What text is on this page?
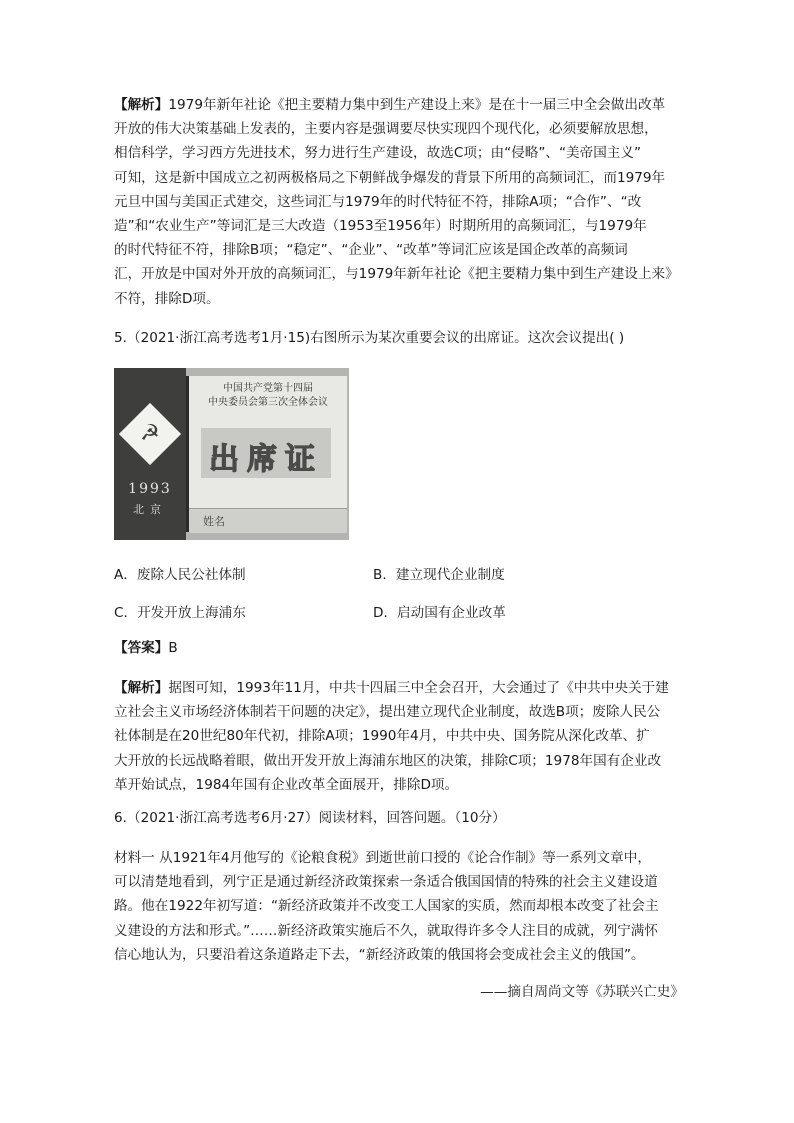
【解析】1979年新年社论《把主要精力集中到生产建设上来》是在十一届三中全会做出改革
开放的伟大决策基础上发表的，主要内容是强调要尽快实现四个现代化，必须要解放思想，
相信科学，学习西方先进技术，努力进行生产建设，故选C项；由“侵略”、“美帝国主义”
可知，这是新中国成立之初两极格局之下朝鲜战争爆发的背景下所用的高频词汇，而1979年
元旦中国与美国正式建交，这些词汇与1979年的时代特征不符，排除A项；“合作”、“改
造”和“农业生产”等词汇是三大改造（1953至1956年）时期所用的高频词汇，与1979年
的时代特征不符，排除B项；“稳定”、“企业”、“改革”等词汇应该是国企改革的高频词
汇，开放是中国对外开放的高频词汇，与1979年新年社论《把主要精力集中到生产建设上来》
不符，排除D项。
5.（2021·浙江高考选考1月·15)右图所示为某次重要会议的出席证。这次会议提出( )
☭
1993
北京
中国共产党第十四届
中央委员会第三次全体会议
出席证
姓名
A．废除人民公社体制	B．建立现代企业制度
C．开发开放上海浦东	D．启动国有企业改革
【答案】B
【解析】据图可知，1993年11月，中共十四届三中全会召开，大会通过了《中共中央关于建
立社会主义市场经济体制若干问题的决定》，提出建立现代企业制度，故选B项；废除人民公
社体制是在20世纪80年代初，排除A项；1990年4月，中共中央、国务院从深化改革、扩
大开放的长远战略着眼，做出开发开放上海浦东地区的决策，排除C项；1978年国有企业改
革开始试点，1984年国有企业改革全面展开，排除D项。
6.（2021·浙江高考选考6月·27）阅读材料，回答问题。（10分）
材料一 从1921年4月他写的《论粮食税》到逝世前口授的《论合作制》等一系列文章中，
可以清楚地看到，列宁正是通过新经济政策探索一条适合俄国国情的特殊的社会主义建设道
路。他在1922年初写道：“新经济政策并不改变工人国家的实质，然而却根本改变了社会主
义建设的方法和形式。”……新经济政策实施后不久，就取得许多令人注目的成就，列宁满怀
信心地认为，只要沿着这条道路走下去，“新经济政策的俄国将会变成社会主义的俄国”。
——摘自周尚文等《苏联兴亡史》
